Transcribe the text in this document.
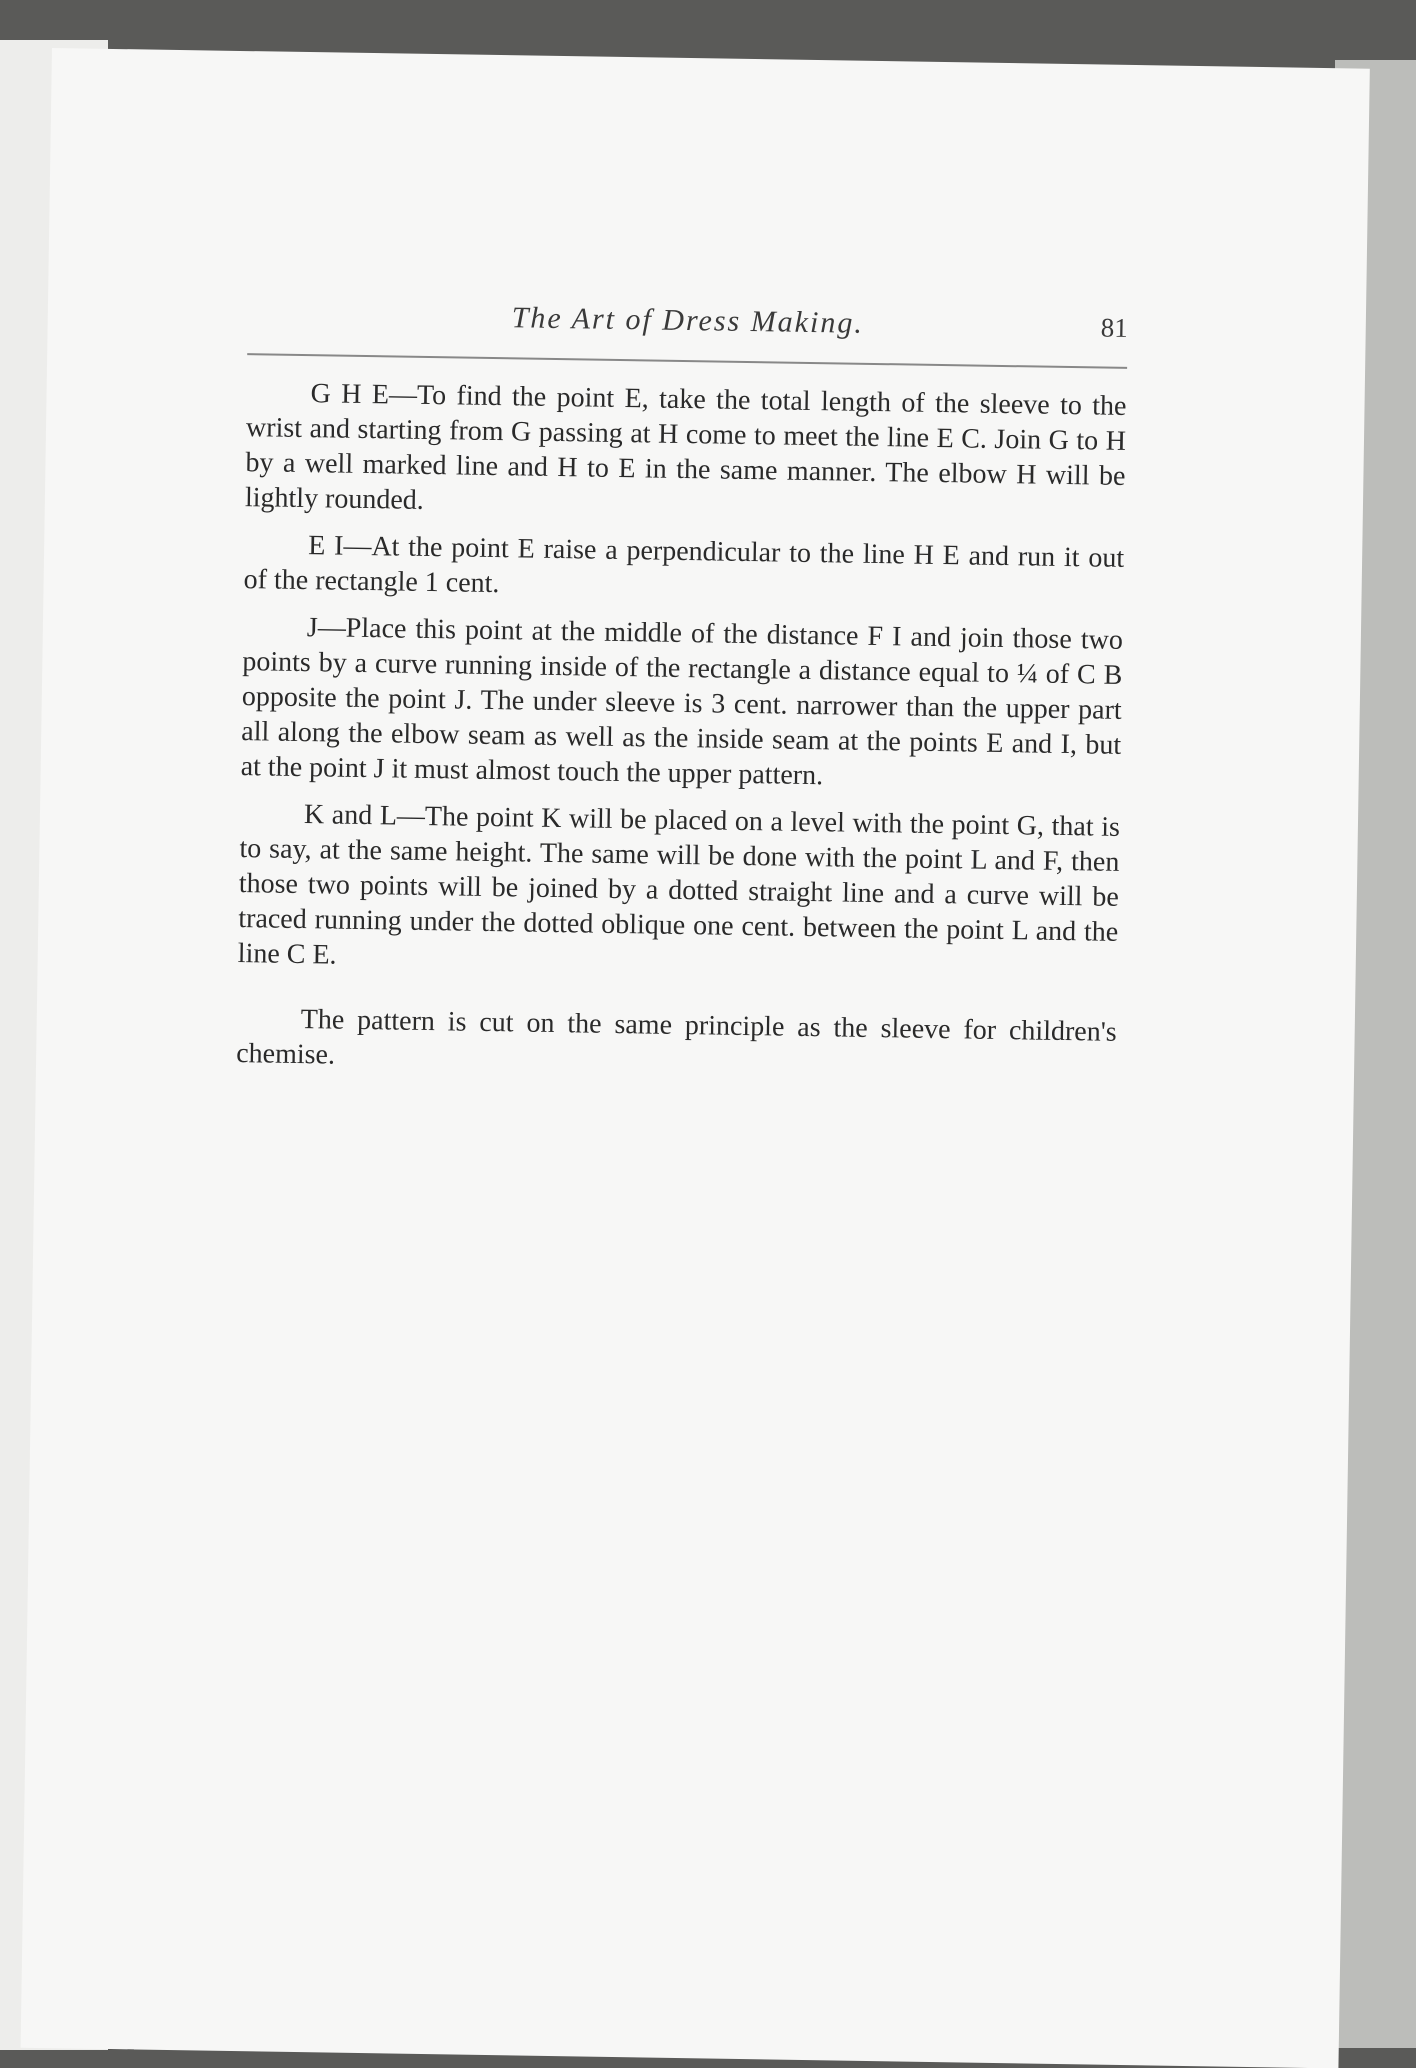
The Art of Dress Making.	81

G H E—To find the point E, take the total length of the sleeve to the wrist and starting from G passing at H come to meet the line E C. Join G to H by a well marked line and H to E in the same manner. The elbow H will be lightly rounded.

E I—At the point E raise a perpendicular to the line H E and run it out of the rectangle 1 cent.

J—Place this point at the middle of the distance F I and join those two points by a curve running inside of the rectangle a distance equal to ¼ of C B opposite the point J. The under sleeve is 3 cent. narrower than the upper part all along the elbow seam as well as the inside seam at the points E and I, but at the point J it must almost touch the upper pattern.

K and L—The point K will be placed on a level with the point G, that is to say, at the same height. The same will be done with the point L and F, then those two points will be joined by a dotted straight line and a curve will be traced running under the dotted oblique one cent. between the point L and the line C E.

The pattern is cut on the same principle as the sleeve for children's chemise.
